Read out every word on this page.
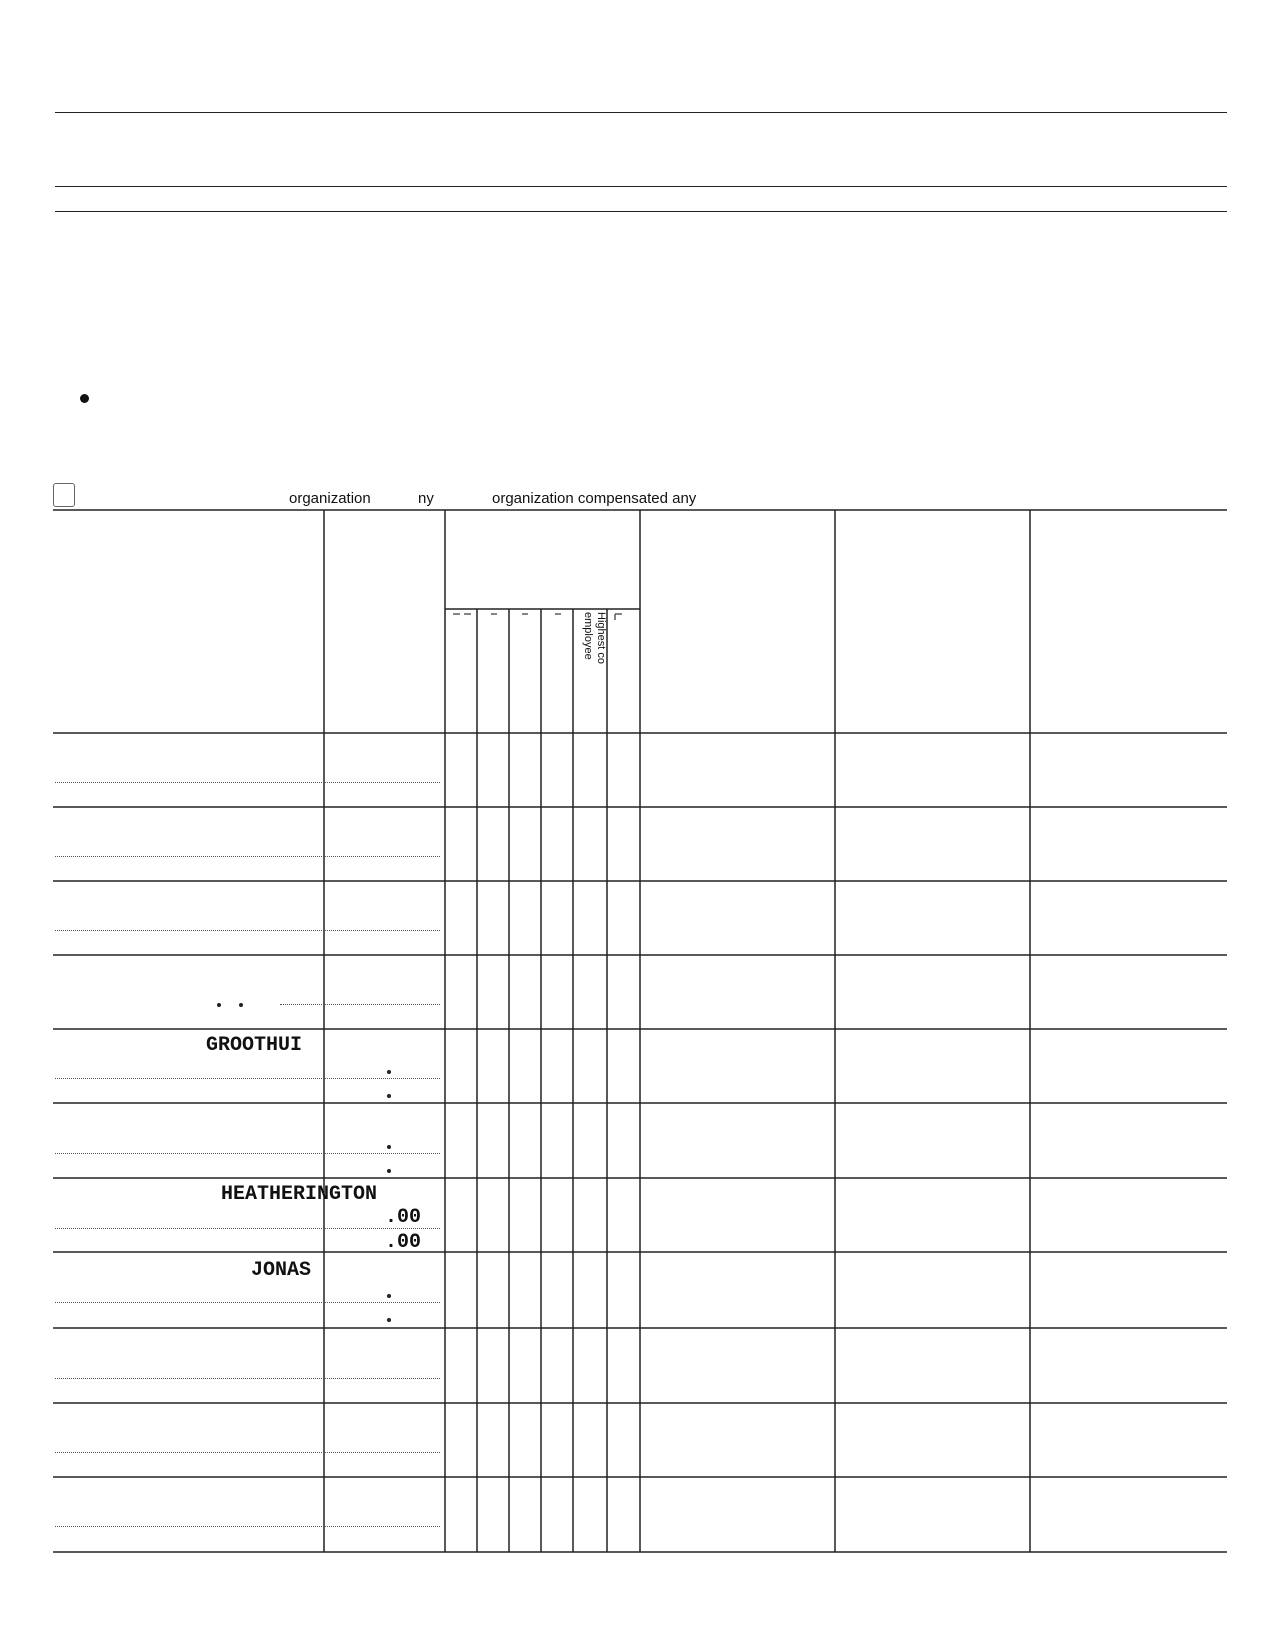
organization	ny	organization compensated any
Highest co
employee
GROOTHUI
HEATHERINGTON
JONAS
.00
.00
